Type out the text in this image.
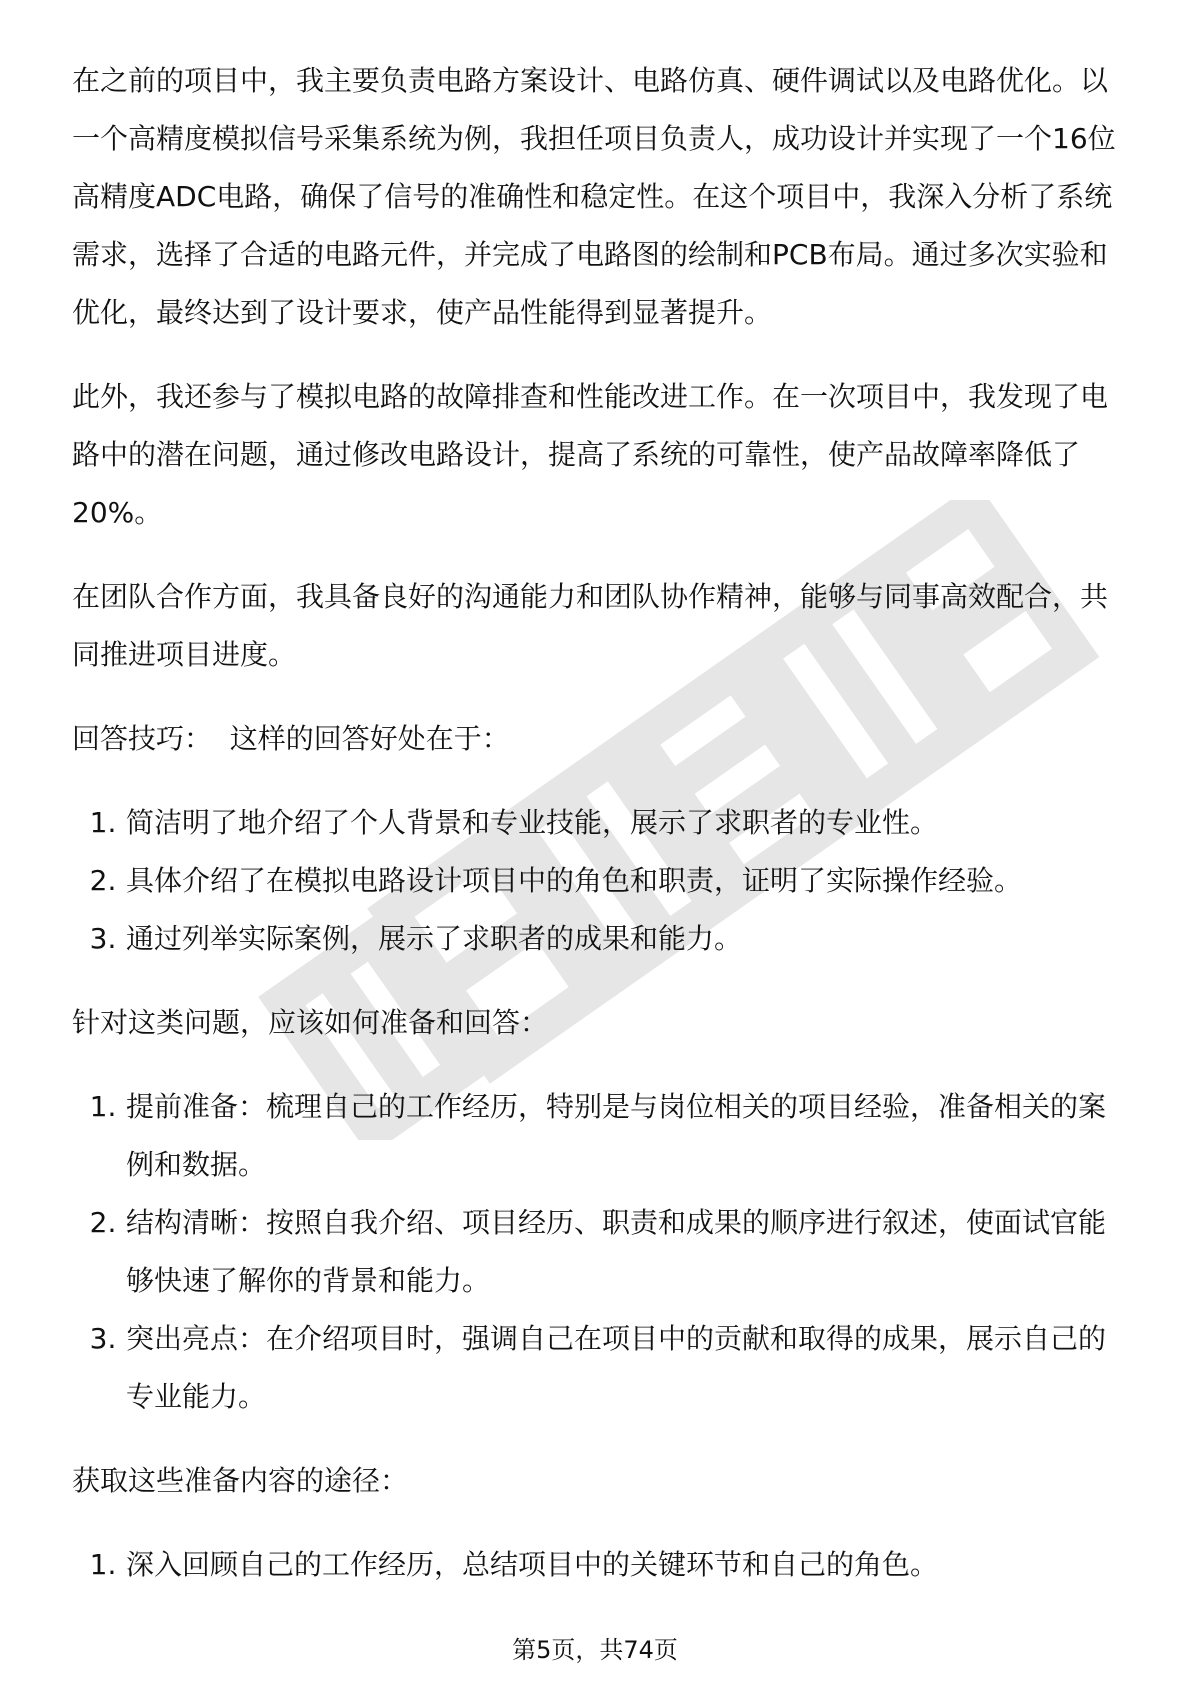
在之前的项目中，我主要负责电路方案设计、电路仿真、硬件调试以及电路优化。以一个高精度模拟信号采集系统为例，我担任项目负责人，成功设计并实现了一个16位高精度ADC电路，确保了信号的准确性和稳定性。在这个项目中，我深入分析了系统需求，选择了合适的电路元件，并完成了电路图的绘制和PCB布局。通过多次实验和优化，最终达到了设计要求，使产品性能得到显著提升。

此外，我还参与了模拟电路的故障排查和性能改进工作。在一次项目中，我发现了电路中的潜在问题，通过修改电路设计，提高了系统的可靠性，使产品故障率降低了20%。

在团队合作方面，我具备良好的沟通能力和团队协作精神，能够与同事高效配合，共同推进项目进度。

回答技巧：  这样的回答好处在于：

1. 简洁明了地介绍了个人背景和专业技能，展示了求职者的专业性。
2. 具体介绍了在模拟电路设计项目中的角色和职责，证明了实际操作经验。
3. 通过列举实际案例，展示了求职者的成果和能力。

针对这类问题，应该如何准备和回答：

1. 提前准备：梳理自己的工作经历，特别是与岗位相关的项目经验，准备相关的案例和数据。
2. 结构清晰：按照自我介绍、项目经历、职责和成果的顺序进行叙述，使面试官能够快速了解你的背景和能力。
3. 突出亮点：在介绍项目时，强调自己在项目中的贡献和取得的成果，展示自己的专业能力。

获取这些准备内容的途径：

1. 深入回顾自己的工作经历，总结项目中的关键环节和自己的角色。
第5页，共74页
